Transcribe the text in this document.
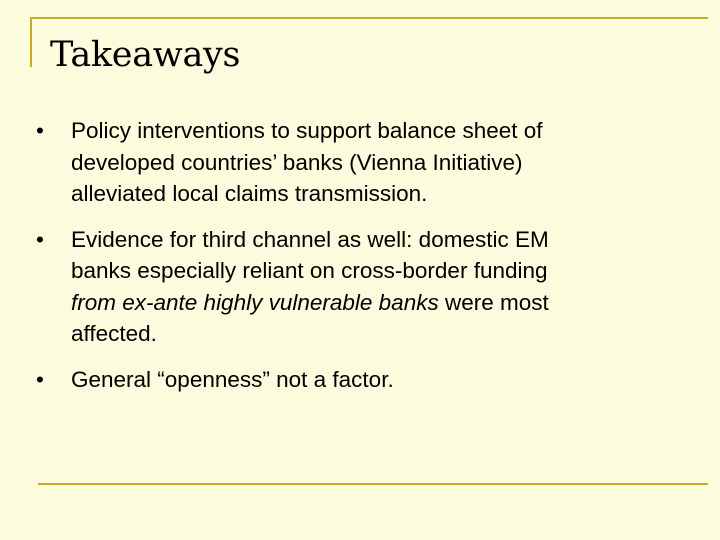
Takeaways
• Policy interventions to support balance sheet of
developed countries’ banks (Vienna Initiative)
alleviated local claims transmission.
• Evidence for third channel as well: domestic EM
banks especially reliant on cross-border funding
from ex-ante highly vulnerable banks were most
affected.
• General “openness” not a factor.
